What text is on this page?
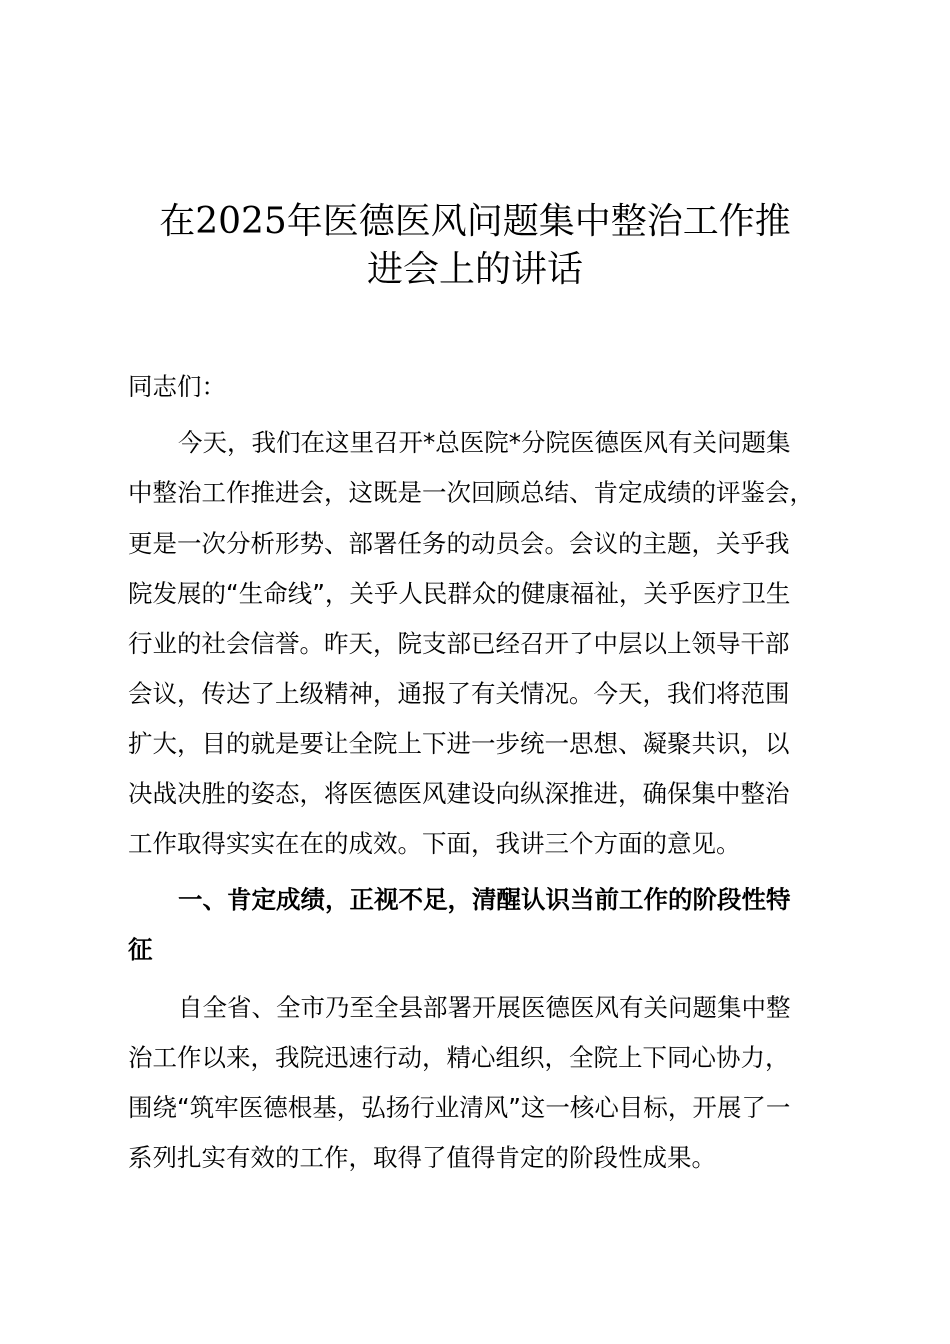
在2025年医德医风问题集中整治工作推
进会上的讲话
同志们：
今天，我们在这里召开*总医院*分院医德医风有关问题集
中整治工作推进会，这既是一次回顾总结、肯定成绩的评鉴会，
更是一次分析形势、部署任务的动员会。会议的主题，关乎我
院发展的“生命线”，关乎人民群众的健康福祉，关乎医疗卫生
行业的社会信誉。昨天，院支部已经召开了中层以上领导干部
会议，传达了上级精神，通报了有关情况。今天，我们将范围
扩大，目的就是要让全院上下进一步统一思想、凝聚共识，以
决战决胜的姿态，将医德医风建设向纵深推进，确保集中整治
工作取得实实在在的成效。下面，我讲三个方面的意见。
一、肯定成绩，正视不足，清醒认识当前工作的阶段性特
征
自全省、全市乃至全县部署开展医德医风有关问题集中整
治工作以来，我院迅速行动，精心组织，全院上下同心协力，
围绕“筑牢医德根基，弘扬行业清风”这一核心目标，开展了一
系列扎实有效的工作，取得了值得肯定的阶段性成果。
